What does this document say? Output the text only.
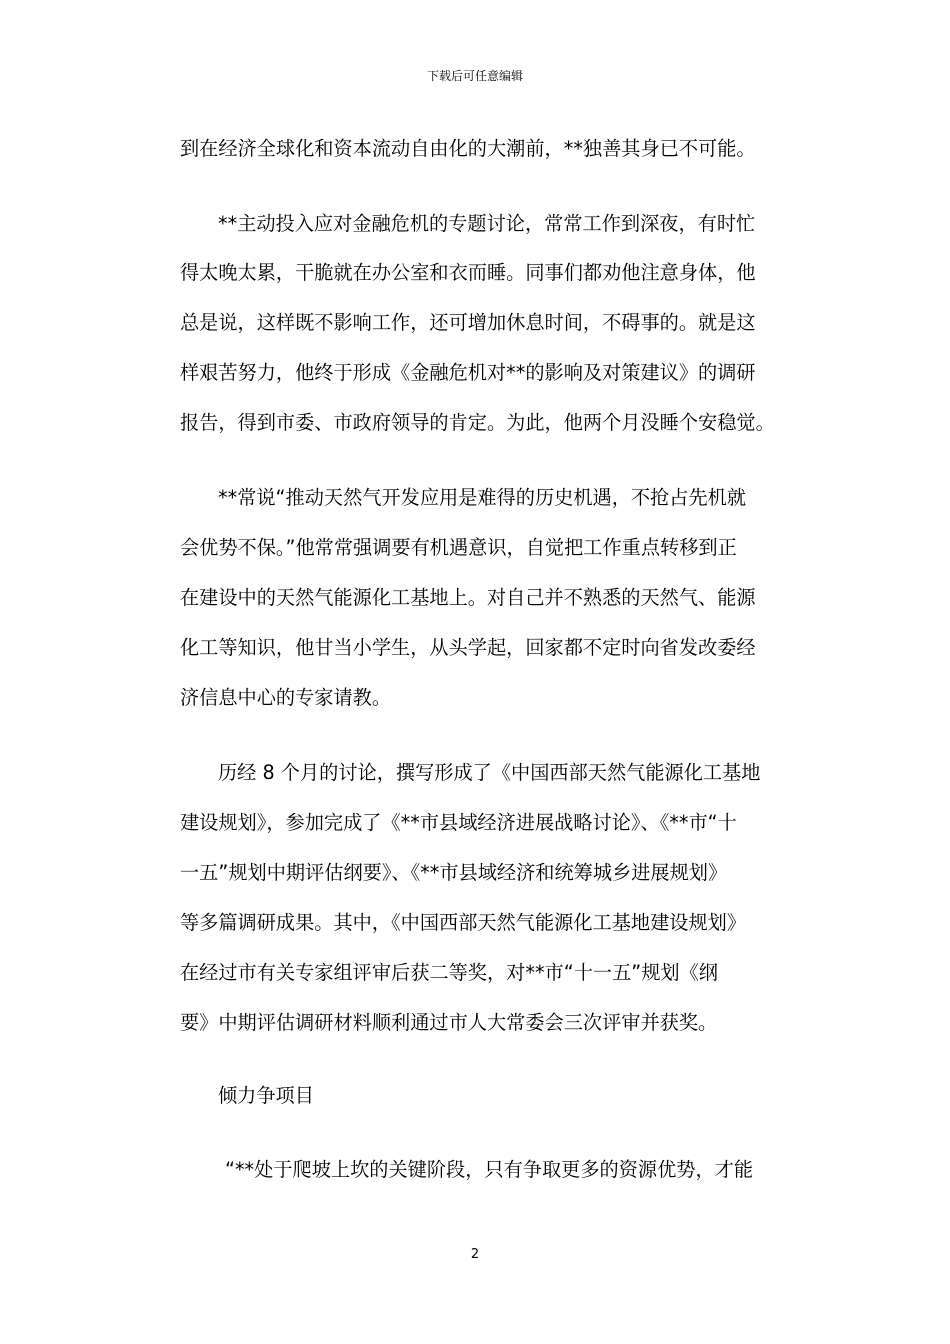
下载后可任意编辑
到在经济全球化和资本流动自由化的大潮前，**独善其身已不可能。
**主动投入应对金融危机的专题讨论，常常工作到深夜，有时忙
得太晚太累，干脆就在办公室和衣而睡。同事们都劝他注意身体，他
总是说，这样既不影响工作，还可增加休息时间，不碍事的。就是这
样艰苦努力，他终于形成《金融危机对**的影响及对策建议》的调研
报告，得到市委、市政府领导的肯定。为此，他两个月没睡个安稳觉。
**常说“推动天然气开发应用是难得的历史机遇，不抢占先机就
会优势不保。”他常常强调要有机遇意识，自觉把工作重点转移到正
在建设中的天然气能源化工基地上。对自己并不熟悉的天然气、能源
化工等知识，他甘当小学生，从头学起，回家都不定时向省发改委经
济信息中心的专家请教。
历经 8 个月的讨论，撰写形成了《中国西部天然气能源化工基地
建设规划》，参加完成了《**市县域经济进展战略讨论》、《**市“十
一五”规划中期评估纲要》、《**市县域经济和统筹城乡进展规划》
等多篇调研成果。其中，《中国西部天然气能源化工基地建设规划》
在经过市有关专家组评审后获二等奖，对**市“十一五”规划《纲
要》中期评估调研材料顺利通过市人大常委会三次评审并获奖。
倾力争项目
“**处于爬坡上坎的关键阶段，只有争取更多的资源优势，才能
2
